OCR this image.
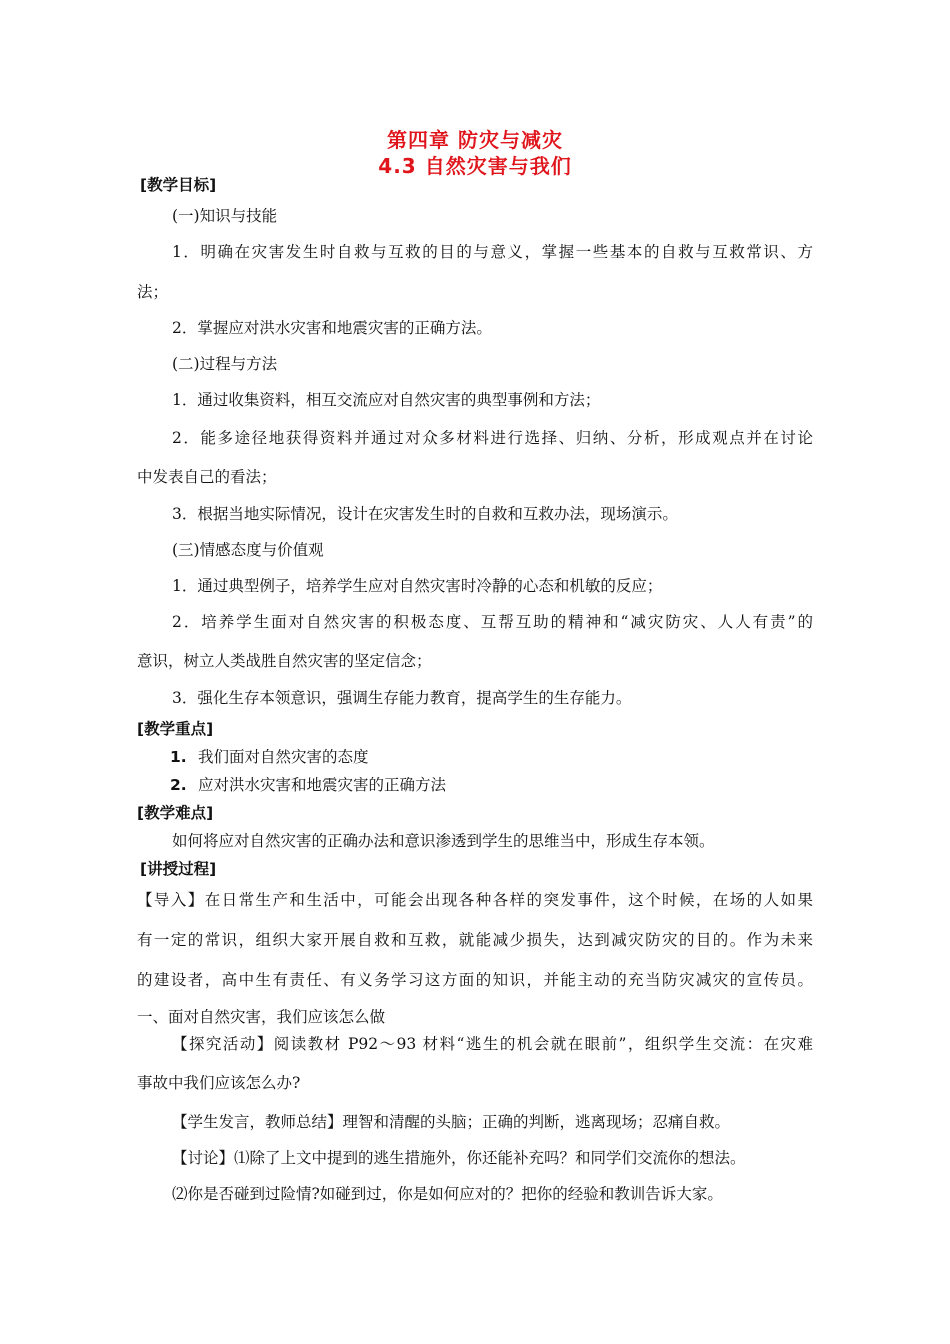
第四章 防灾与减灾
4.3 自然灾害与我们
[教学目标]
(一)知识与技能
1．明确在灾害发生时自救与互救的目的与意义，掌握一些基本的自救与互救常识、方
法；
2．掌握应对洪水灾害和地震灾害的正确方法。
(二)过程与方法
1．通过收集资料，相互交流应对自然灾害的典型事例和方法；
2．能多途径地获得资料并通过对众多材料进行选择、归纳、分析，形成观点并在讨论
中发表自己的看法；
3．根据当地实际情况，设计在灾害发生时的自救和互救办法，现场演示。
(三)情感态度与价值观
1．通过典型例子，培养学生应对自然灾害时冷静的心态和机敏的反应；
2．培养学生面对自然灾害的积极态度、互帮互助的精神和“减灾防灾、人人有责”的
意识，树立人类战胜自然灾害的坚定信念；
3．强化生存本领意识，强调生存能力教育，提高学生的生存能力。
[教学重点]
1. 我们面对自然灾害的态度
2. 应对洪水灾害和地震灾害的正确方法
[教学难点]
如何将应对自然灾害的正确办法和意识渗透到学生的思维当中，形成生存本领。
[讲授过程]
【导入】在日常生产和生活中，可能会出现各种各样的突发事件，这个时候，在场的人如果
有一定的常识，组织大家开展自救和互救，就能减少损失，达到减灾防灾的目的。作为未来
的建设者，高中生有责任、有义务学习这方面的知识，并能主动的充当防灾减灾的宣传员。
一、面对自然灾害，我们应该怎么做
【探究活动】阅读教材 P92～93 材料“逃生的机会就在眼前”，组织学生交流：在灾难
事故中我们应该怎么办?
【学生发言，教师总结】理智和清醒的头脑；正确的判断，逃离现场；忍痛自救。
【讨论】⑴除了上文中提到的逃生措施外，你还能补充吗？和同学们交流你的想法。
⑵你是否碰到过险情?如碰到过，你是如何应对的？把你的经验和教训告诉大家。
